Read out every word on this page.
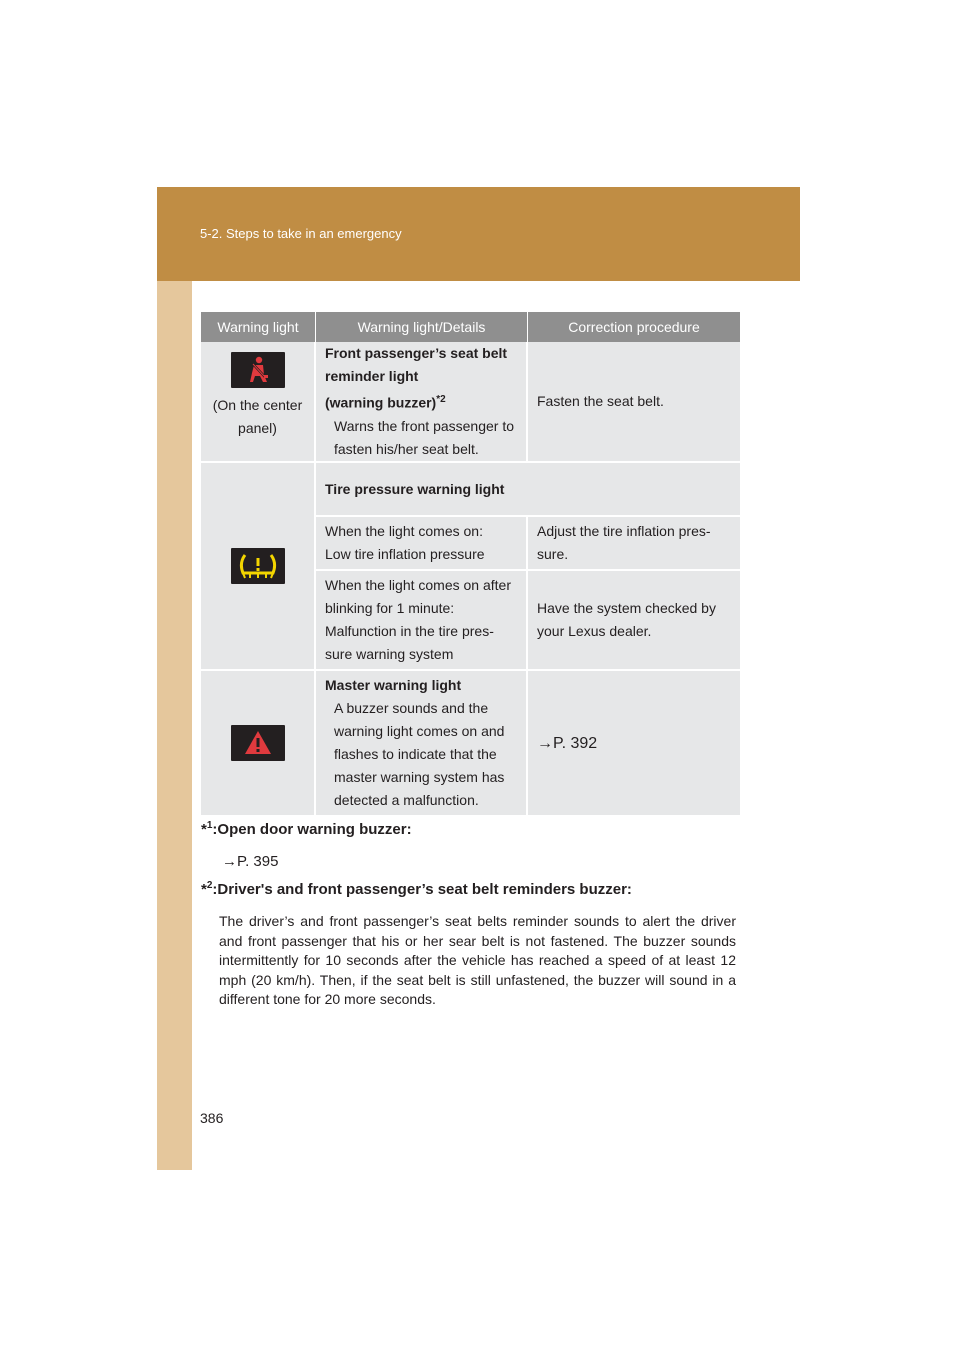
5-2. Steps to take in an emergency
Warning light	Warning light/Details	Correction procedure
(On the center panel)
Front passenger’s seat belt
reminder light
(warning buzzer)$^{*2}$
Warns the front passenger to fasten his/her seat belt.
Fasten the seat belt.
Tire pressure warning light
When the light comes on:
Low tire inflation pressure
Adjust the tire inflation pres-sure.
When the light comes on after
blinking for 1 minute:
Malfunction in the tire pres-
sure warning system
Have the system checked by your Lexus dealer.
Master warning light
A buzzer sounds and the warning light comes on and flashes to indicate that the master warning system has detected a malfunction.
→P. 392
*$^1$:Open door warning buzzer:
→P. 395
*$^2$:Driver's and front passenger’s seat belt reminders buzzer:
The driver’s and front passenger’s seat belts reminder sounds to alert the driver and front passenger that his or her sear belt is not fastened. The buzzer sounds intermittently for 10 seconds after the vehicle has reached a speed of at least 12 mph (20 km/h). Then, if the seat belt is still unfastened, the buzzer will sound in a different tone for 20 more seconds.
386
